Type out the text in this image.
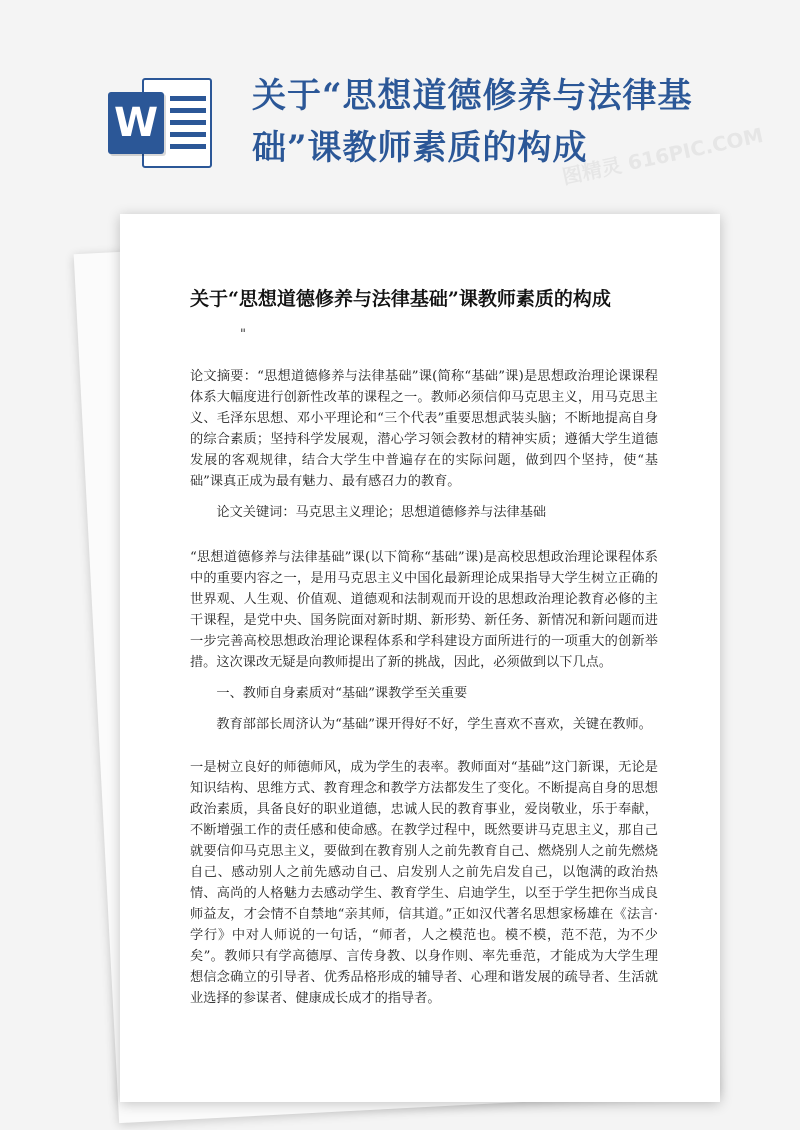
W
关于“思想道德修养与法律基础”课教师素质的构成
关于“思想道德修养与法律基础”课教师素质的构成
"

论文摘要：“思想道德修养与法律基础”课(简称“基础”课)是思想政治理论课课程体系大幅度进行创新性改革的课程之一。教师必须信仰马克思主义，用马克思主义、毛泽东思想、邓小平理论和“三个代表”重要思想武装头脑；不断地提高自身的综合素质；坚持科学发展观，潜心学习领会教材的精神实质；遵循大学生道德发展的客观规律，结合大学生中普遍存在的实际问题，做到四个坚持，使“基础”课真正成为最有魅力、最有感召力的教育。

论文关键词：马克思主义理论；思想道德修养与法律基础

“思想道德修养与法律基础”课(以下简称“基础”课)是高校思想政治理论课程体系中的重要内容之一，是用马克思主义中国化最新理论成果指导大学生树立正确的世界观、人生观、价值观、道德观和法制观而开设的思想政治理论教育必修的主干课程，是党中央、国务院面对新时期、新形势、新任务、新情况和新问题而进一步完善高校思想政治理论课程体系和学科建设方面所进行的一项重大的创新举措。这次课改无疑是向教师提出了新的挑战，因此，必须做到以下几点。

一、教师自身素质对“基础”课教学至关重要

教育部部长周济认为“基础”课开得好不好，学生喜欢不喜欢，关键在教师。

一是树立良好的师德师风，成为学生的表率。教师面对“基础”这门新课，无论是知识结构、思维方式、教育理念和教学方法都发生了变化。不断提高自身的思想政治素质，具备良好的职业道德，忠诚人民的教育事业，爱岗敬业，乐于奉献，不断增强工作的责任感和使命感。在教学过程中，既然要讲马克思主义，那自己就要信仰马克思主义，要做到在教育别人之前先教育自己、燃烧别人之前先燃烧自己、感动别人之前先感动自己、启发别人之前先启发自己，以饱满的政治热情、高尚的人格魅力去感动学生、教育学生、启迪学生，以至于学生把你当成良师益友，才会情不自禁地“亲其师，信其道。”正如汉代著名思想家杨雄在《法言·学行》中对人师说的一句话，“师者，人之模范也。模不模，范不范，为不少矣”。教师只有学高德厚、言传身教、以身作则、率先垂范，才能成为大学生理想信念确立的引导者、优秀品格形成的辅导者、心理和谐发展的疏导者、生活就业选择的参谋者、健康成长成才的指导者。
